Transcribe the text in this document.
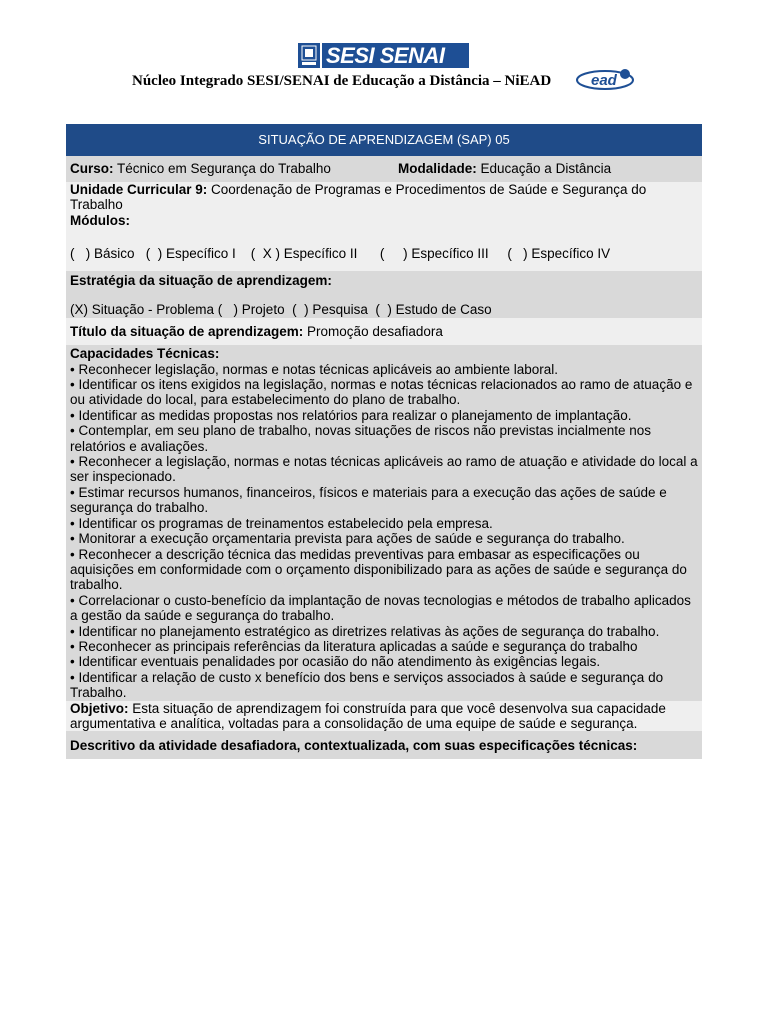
SESI SENAI
Núcleo Integrado SESI/SENAI de Educação a Distância – NiEAD	ead
SITUAÇÃO DE APRENDIZAGEM (SAP) 05
Curso: Técnico em Segurança do Trabalho	Modalidade: Educação a Distância

Unidade Curricular 9: Coordenação de Programas e Procedimentos de Saúde e Segurança do Trabalho

Módulos:

(   ) Básico   (  ) Específico I    (  X ) Específico II      (     ) Específico III     (   ) Específico IV
Estratégia da situação de aprendizagem:
(X) Situação - Problema (   ) Projeto  (  ) Pesquisa  (  ) Estudo de Caso
Título da situação de aprendizagem: Promoção desafiadora

Capacidades Técnicas:

• Reconhecer legislação, normas e notas técnicas aplicáveis ao ambiente laboral.

• Identificar os itens exigidos na legislação, normas e notas técnicas relacionados ao ramo de atuação e ou atividade do local, para estabelecimento do plano de trabalho.

• Identificar as medidas propostas nos relatórios para realizar o planejamento de implantação.

• Contemplar, em seu plano de trabalho, novas situações de riscos não previstas incialmente nos relatórios e avaliações.

• Reconhecer a legislação, normas e notas técnicas aplicáveis ao ramo de atuação e atividade do local a ser inspecionado.

• Estimar recursos humanos, financeiros, físicos e materiais para a execução das ações de saúde e segurança do trabalho.

• Identificar os programas de treinamentos estabelecido pela empresa.

• Monitorar a execução orçamentaria prevista para ações de saúde e segurança do trabalho.

• Reconhecer a descrição técnica das medidas preventivas para embasar as especificações ou aquisições em conformidade com o orçamento disponibilizado para as ações de saúde e segurança do trabalho.

• Correlacionar o custo-benefício da implantação de novas tecnologias e métodos de trabalho aplicados a gestão da saúde e segurança do trabalho.

• Identificar no planejamento estratégico as diretrizes relativas às ações de segurança do trabalho.

• Reconhecer as principais referências da literatura aplicadas a saúde e segurança do trabalho

• Identificar eventuais penalidades por ocasião do não atendimento às exigências legais.

• Identificar a relação de custo x benefício dos bens e serviços associados à saúde e segurança do Trabalho.

Objetivo: Esta situação de aprendizagem foi construída para que você desenvolva sua capacidade argumentativa e analítica, voltadas para a consolidação de uma equipe de saúde e segurança.

Descritivo da atividade desafiadora, contextualizada, com suas especificações técnicas:
